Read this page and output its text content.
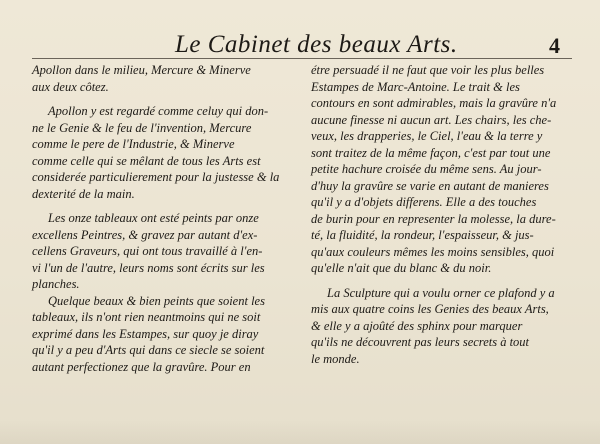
Le Cabinet des beaux Arts.	4
Apollon dans le milieu, Mercure & Minerve
aux deux côtez.
Apollon y est regardé comme celuy qui don-
ne le Genie & le feu de l'invention, Mercure
comme le pere de l'Industrie, & Minerve
comme celle qui se mêlant de tous les Arts est
considerée particulierement pour la justesse & la
dexterité de la main.
Les onze tableaux ont esté peints par onze
excellens Peintres, & gravez par autant d'ex-
cellens Graveurs, qui ont tous travaillé à l'en-
vi l'un de l'autre, leurs noms sont écrits sur les
planches.
Quelque beaux & bien peints que soient les
tableaux, ils n'ont rien neantmoins qui ne soit
exprimé dans les Estampes, sur quoy je diray
qu'il y a peu d'Arts qui dans ce siecle se soient
autant perfectionez que la gravûre. Pour en
étre persuadé il ne faut que voir les plus belles
Estampes de Marc-Antoine. Le trait & les
contours en sont admirables, mais la gravûre n'a
aucune finesse ni aucun art. Les chairs, les che-
veux, les drapperies, le Ciel, l'eau & la terre y
sont traitez de la même façon, c'est par tout une
petite hachure croisée du même sens. Au jour-
d'huy la gravûre se varie en autant de manieres
qu'il y a d'objets differens. Elle a des touches
de burin pour en representer la molesse, la dure-
té, la fluidité, la rondeur, l'espaisseur, & jus-
qu'aux couleurs mêmes les moins sensibles, quoi
qu'elle n'ait que du blanc & du noir.
La Sculpture qui a voulu orner ce plafond y a
mis aux quatre coins les Genies des beaux Arts,
& elle y a ajoûté des sphinx pour marquer
qu'ils ne découvrent pas leurs secrets à tout
le monde.
